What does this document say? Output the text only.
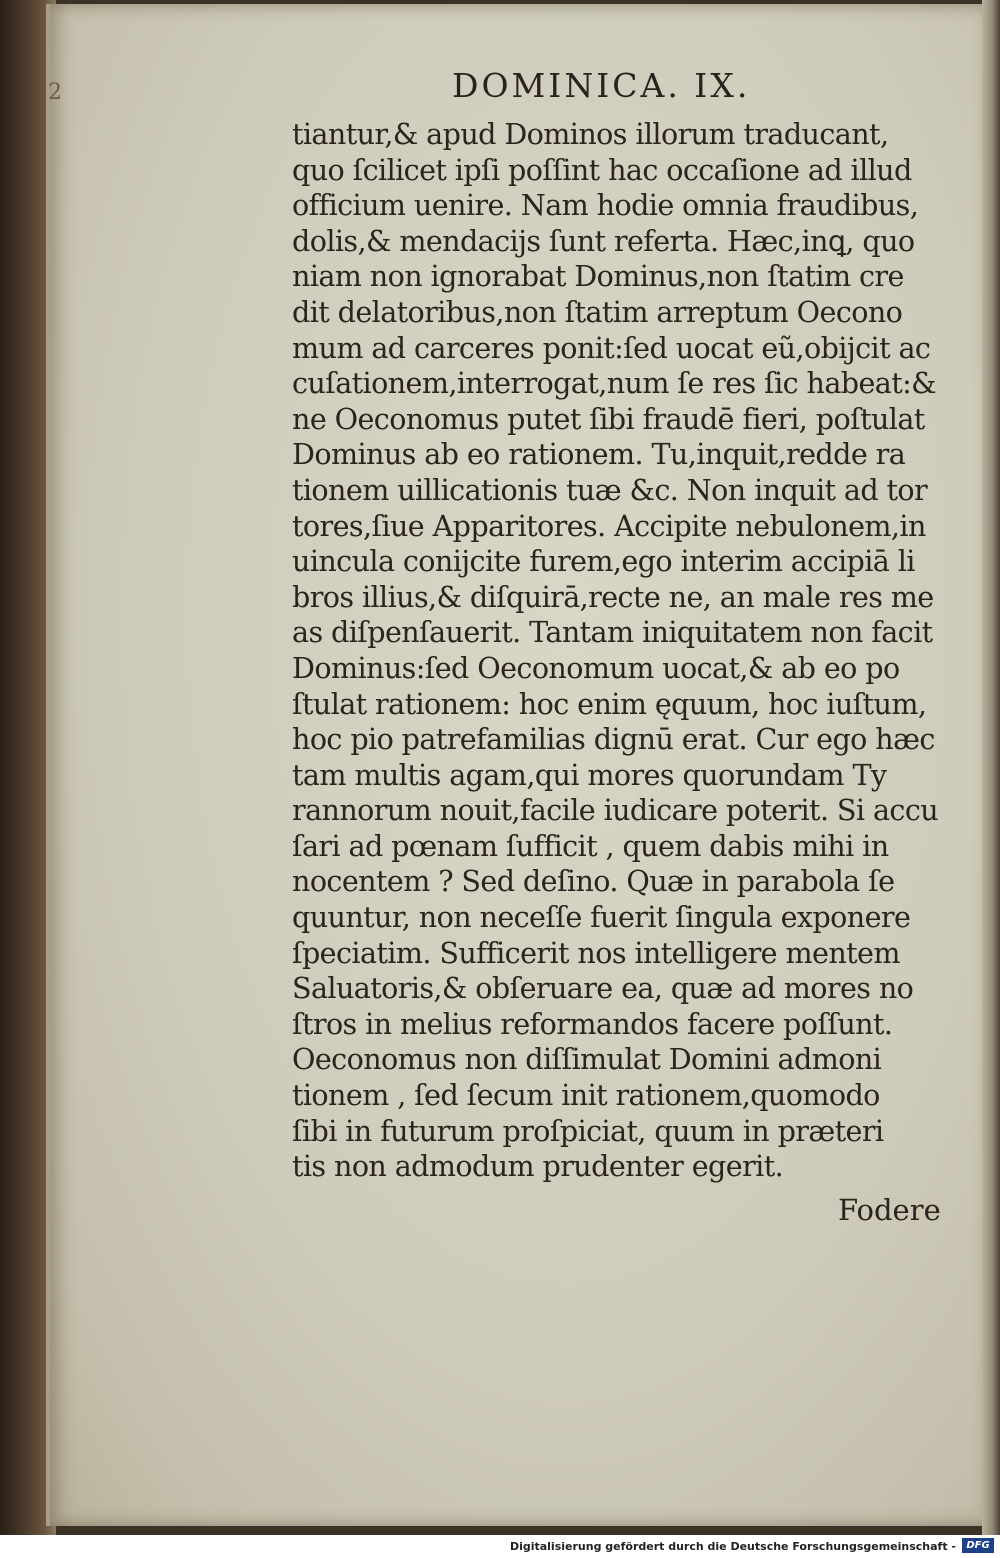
2	DOMINICA. IX.
tiantur,& apud Dominos illorum traducant,
quo ſcilicet ipſi poſſint hac occaſione ad illud
officium uenire. Nam hodie omnia fraudibus,
dolis,& mendacijs ſunt referta. Hæc,inꝗ, quo
niam non ignorabat Dominus,non ſtatim cre
dit delatoribus,non ſtatim arreptum Oecono
mum ad carceres ponit:ſed uocat eũ,obijcit ac
cuſationem,interrogat,num ſe res ſic habeat:&
ne Oeconomus putet ſibi fraudē fieri, poſtulat
Dominus ab eo rationem. Tu,inquit,redde ra
tionem uillicationis tuæ &c. Non inquit ad tor
tores,ſiue Apparitores. Accipite nebulonem,in
uincula conijcite furem,ego interim accipiā li
bros illius,& diſquirā,recte ne, an male res me
as diſpenſauerit. Tantam iniquitatem non facit
Dominus:ſed Oeconomum uocat,& ab eo po
ſtulat rationem: hoc enim ęquum, hoc iuſtum,
hoc pio patrefamilias dignū erat. Cur ego hæc
tam multis agam,qui mores quorundam Ty
rannorum nouit,facile iudicare poterit. Si accu
ſari ad pœnam ſufficit , quem dabis mihi in
nocentem ? Sed deſino. Quæ in parabola ſe
quuntur, non neceſſe fuerit ſingula exponere
ſpeciatim. Sufficerit nos intelligere mentem
Saluatoris,& obſeruare ea, quæ ad mores no
ſtros in melius reformandos facere poſſunt.
Oeconomus non diſſimulat Domini admoni
tionem , ſed ſecum init rationem,quomodo
ſibi in futurum proſpiciat, quum in præteri
tis non admodum prudenter egerit.
Fodere
Digitalisierung gefördert durch die Deutsche Forschungsgemeinschaft -	DFG
